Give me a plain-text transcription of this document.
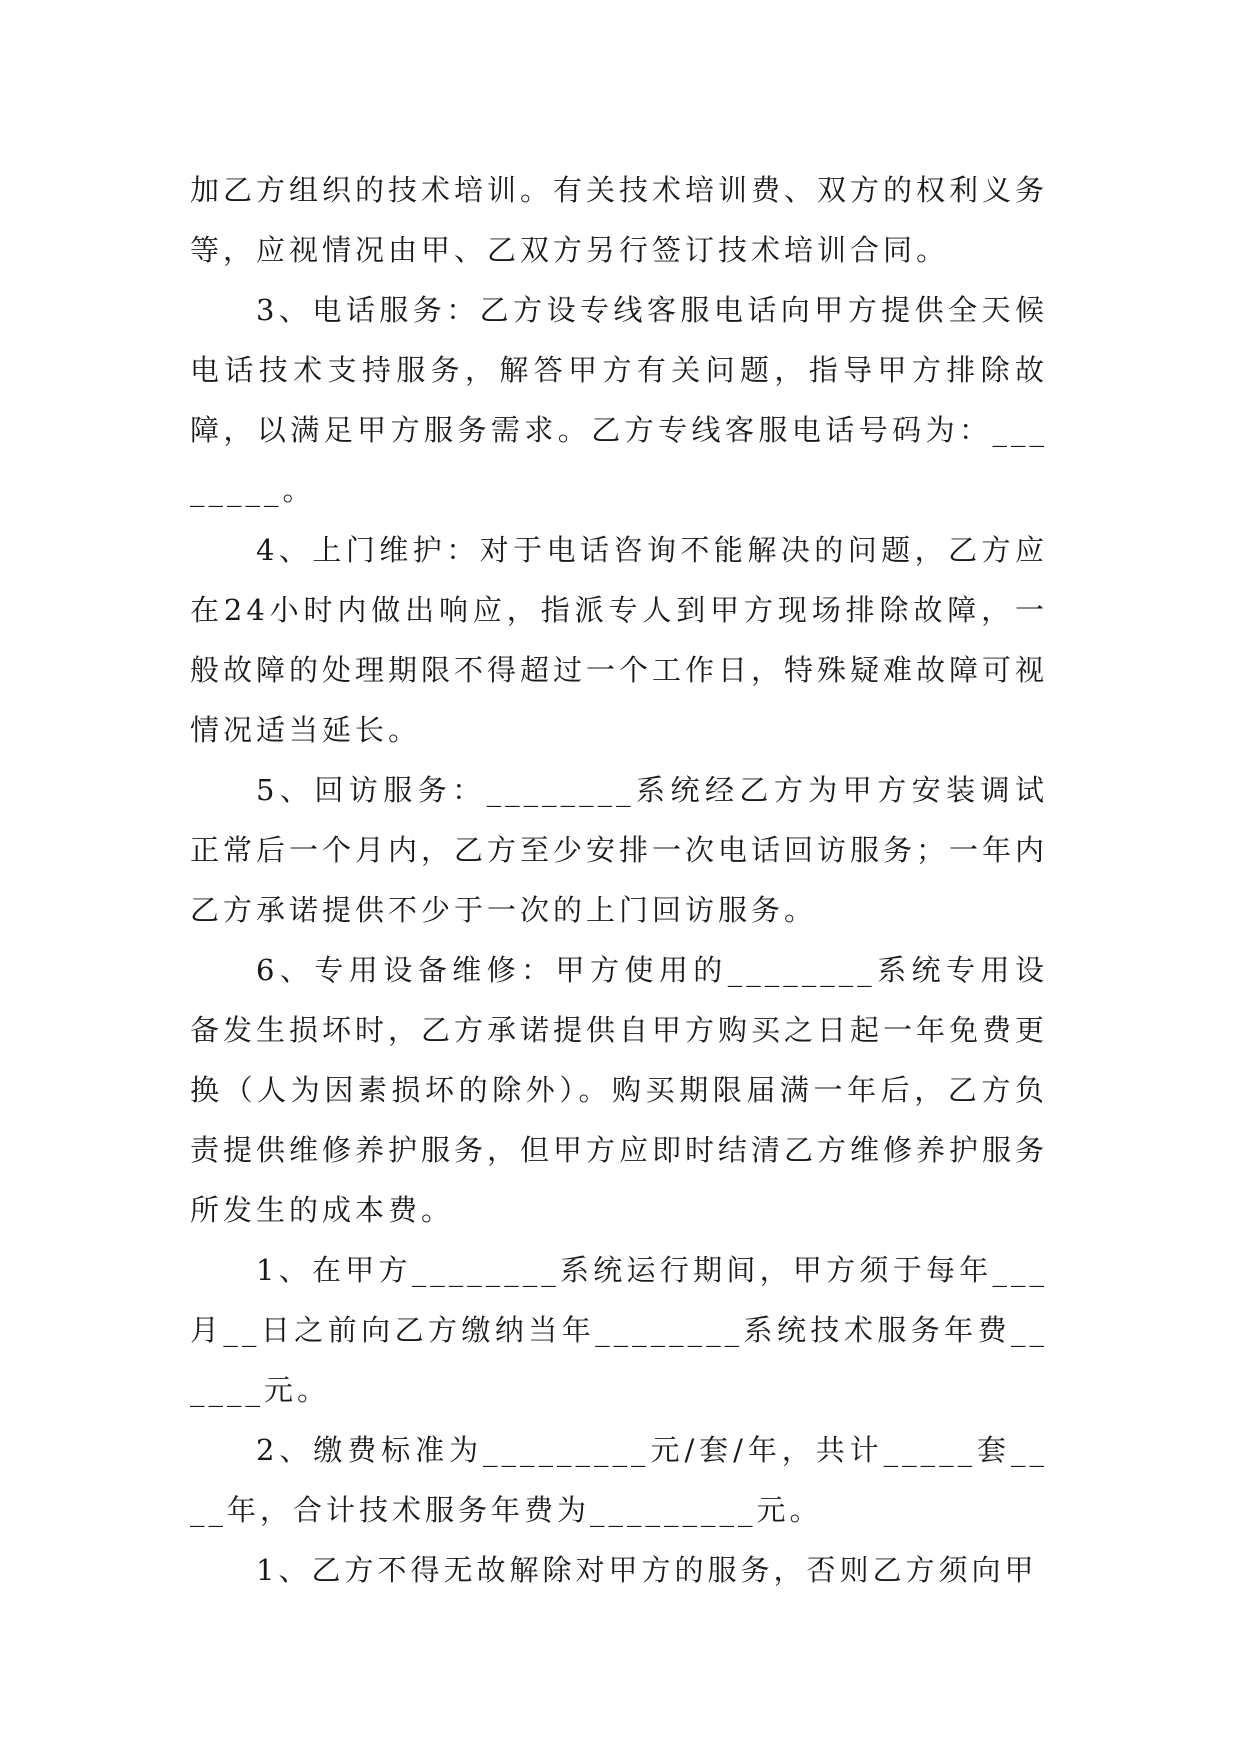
加乙方组织的技术培训。有关技术培训费、双方的权利义务等，应视情况由甲、乙双方另行签订技术培训合同。

3、电话服务：乙方设专线客服电话向甲方提供全天候电话技术支持服务，解答甲方有关问题，指导甲方排除故障，以满足甲方服务需求。乙方专线客服电话号码为：________。

4、上门维护：对于电话咨询不能解决的问题，乙方应在24小时内做出响应，指派专人到甲方现场排除故障，一般故障的处理期限不得超过一个工作日，特殊疑难故障可视情况适当延长。

5、回访服务：________系统经乙方为甲方安装调试正常后一个月内，乙方至少安排一次电话回访服务；一年内乙方承诺提供不少于一次的上门回访服务。

6、专用设备维修：甲方使用的________系统专用设备发生损坏时，乙方承诺提供自甲方购买之日起一年免费更换（人为因素损坏的除外）。购买期限届满一年后，乙方负责提供维修养护服务，但甲方应即时结清乙方维修养护服务所发生的成本费。

1、在甲方________系统运行期间，甲方须于每年___月__日之前向乙方缴纳当年________系统技术服务年费______元。

2、缴费标准为_________元/套/年，共计_____套____年，合计技术服务年费为_________元。

1、乙方不得无故解除对甲方的服务，否则乙方须向甲
